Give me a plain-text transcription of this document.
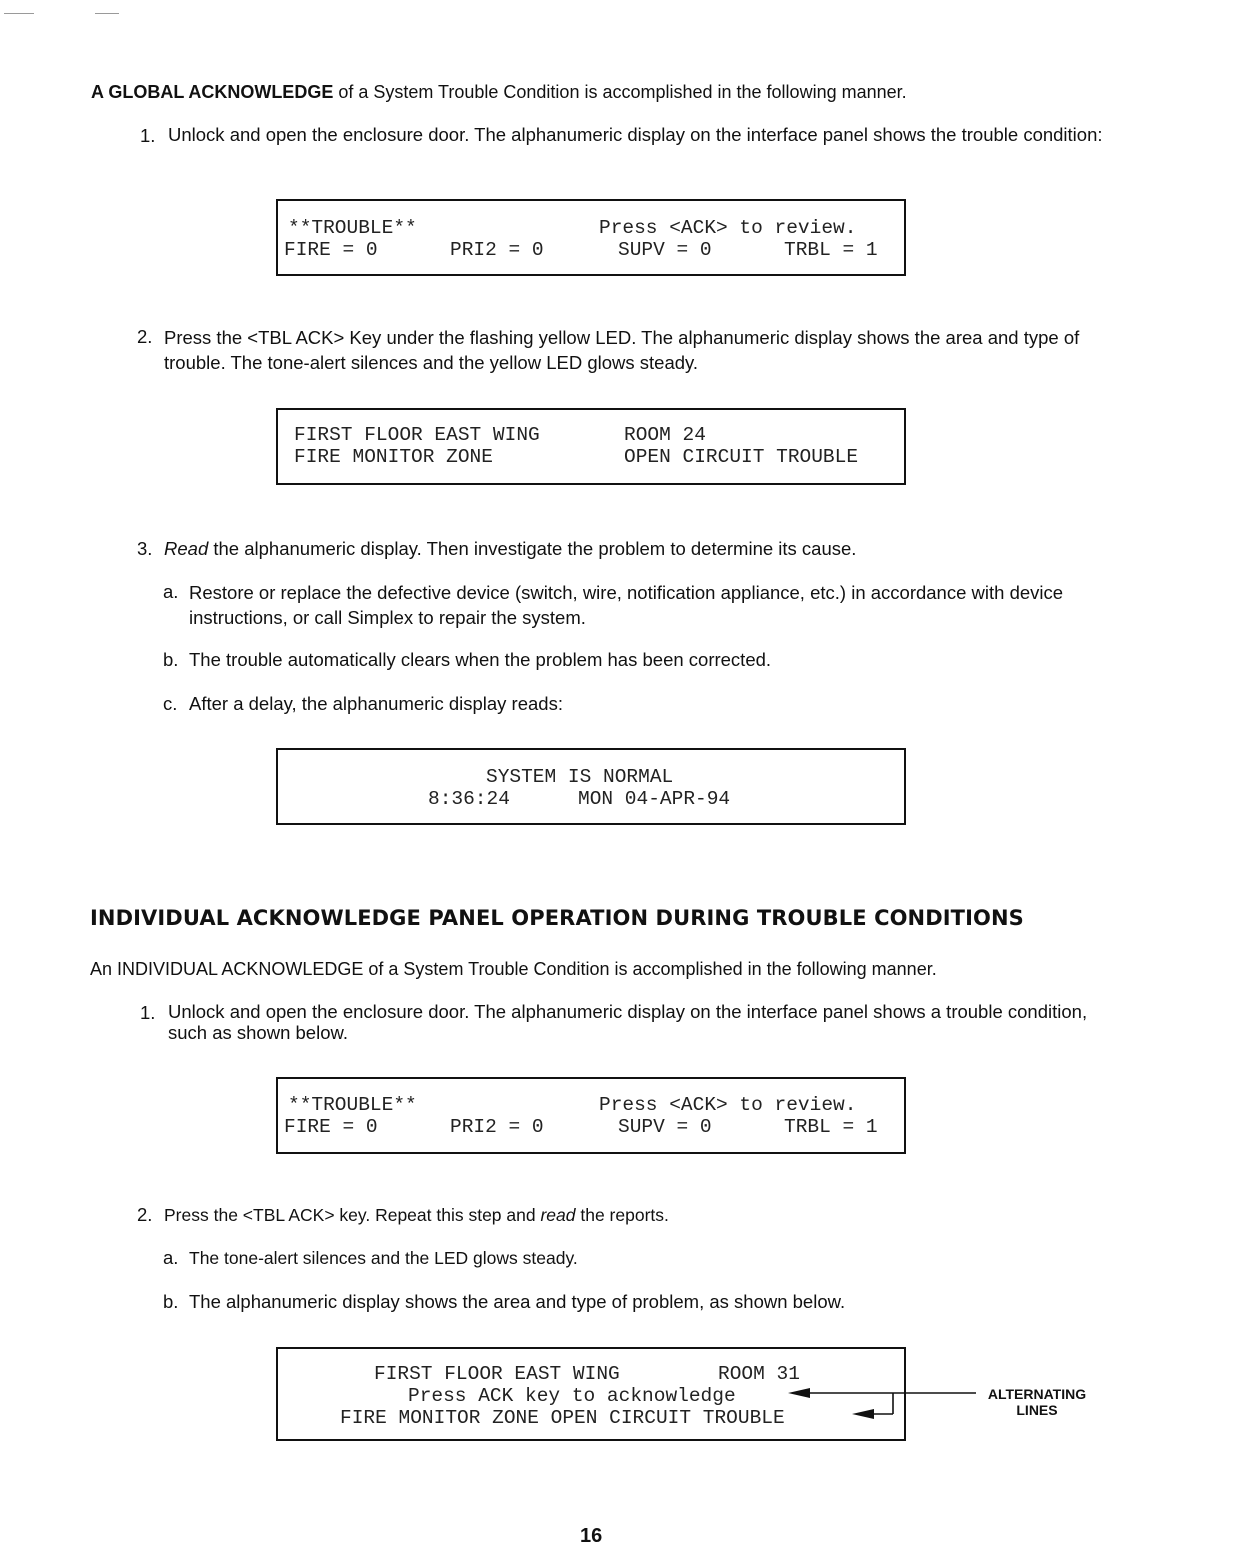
A GLOBAL ACKNOWLEDGE of a System Trouble Condition is accomplished in the following manner.
1. Unlock and open the enclosure door. The alphanumeric display on the interface panel shows the trouble condition:
**TROUBLE**	Press <ACK> to review.
FIRE = 0	PRI2 = 0	SUPV = 0	TRBL = 1
2. Press the <TBL ACK> Key under the flashing yellow LED. The alphanumeric display shows the area and type of trouble. The tone-alert silences and the yellow LED glows steady.
FIRST FLOOR EAST WING	ROOM 24
FIRE MONITOR ZONE	OPEN CIRCUIT TROUBLE
3. Read the alphanumeric display. Then investigate the problem to determine its cause.
a. Restore or replace the defective device (switch, wire, notification appliance, etc.) in accordance with device instructions, or call Simplex to repair the system.
b. The trouble automatically clears when the problem has been corrected.
c. After a delay, the alphanumeric display reads:
SYSTEM IS NORMAL
8:36:24	MON 04-APR-94
INDIVIDUAL ACKNOWLEDGE PANEL OPERATION DURING TROUBLE CONDITIONS
An INDIVIDUAL ACKNOWLEDGE of a System Trouble Condition is accomplished in the following manner.
1. Unlock and open the enclosure door. The alphanumeric display on the interface panel shows a trouble condition, such as shown below.
**TROUBLE**	Press <ACK> to review.
FIRE = 0	PRI2 = 0	SUPV = 0	TRBL = 1
2. Press the <TBL ACK> key. Repeat this step and read the reports.
a. The tone-alert silences and the LED glows steady.
b. The alphanumeric display shows the area and type of problem, as shown below.
FIRST FLOOR EAST WING	ROOM 31
Press ACK key to acknowledge
FIRE MONITOR ZONE OPEN CIRCUIT TROUBLE
ALTERNATING
LINES
16
